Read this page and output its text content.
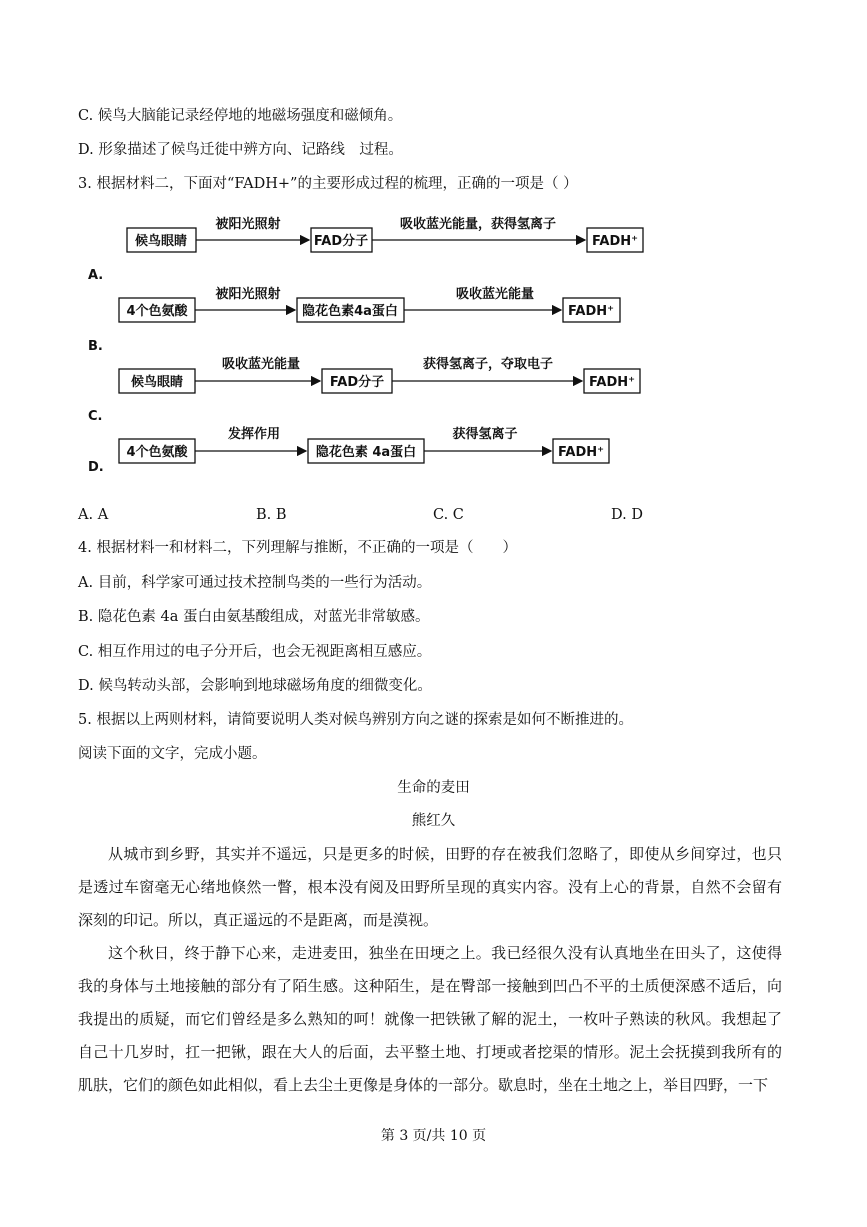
C. 候鸟大脑能记录经停地的地磁场强度和磁倾角。
D. 形象描述了候鸟迁徙中辨方向、记路线　过程。
3. 根据材料二，下面对“FADH+”的主要形成过程的梳理，正确的一项是（ ）
A.
B.
C.
D.
候鸟眼睛	FAD分子	FADH⁺
被阳光照射	吸收蓝光能量，获得氢离子
4个色氨酸	隐花色素4a蛋白	FADH⁺
被阳光照射	吸收蓝光能量
候鸟眼睛	FAD分子	FADH⁺
吸收蓝光能量	获得氢离子，夺取电子
4个色氨酸	隐花色素 4a蛋白	FADH⁺
发挥作用	获得氢离子
A. A	B. B	C. C	D. D
4. 根据材料一和材料二，下列理解与推断，不正确的一项是（　　）
A. 目前，科学家可通过技术控制鸟类的一些行为活动。
B. 隐花色素 4a 蛋白由氨基酸组成，对蓝光非常敏感。
C. 相互作用过的电子分开后，也会无视距离相互感应。
D. 候鸟转动头部，会影响到地球磁场角度的细微变化。
5. 根据以上两则材料，请简要说明人类对候鸟辨别方向之谜的探索是如何不断推进的。
阅读下面的文字，完成小题。
生命的麦田
熊红久
从城市到乡野，其实并不遥远，只是更多的时候，田野的存在被我们忽略了，即使从乡间穿过，也只是透过车窗毫无心绪地倏然一瞥，根本没有阅及田野所呈现的真实内容。没有上心的背景，自然不会留有深刻的印记。所以，真正遥远的不是距离，而是漠视。
这个秋日，终于静下心来，走进麦田，独坐在田埂之上。我已经很久没有认真地坐在田头了，这使得我的身体与土地接触的部分有了陌生感。这种陌生，是在臀部一接触到凹凸不平的土质便深感不适后，向我提出的质疑，而它们曾经是多么熟知的呵！就像一把铁锹了解的泥土，一枚叶子熟读的秋风。我想起了自己十几岁时，扛一把锹，跟在大人的后面，去平整土地、打埂或者挖渠的情形。泥土会抚摸到我所有的肌肤，它们的颜色如此相似，看上去尘土更像是身体的一部分。歇息时，坐在土地之上，举目四野，一下
第 3 页/共 10 页
